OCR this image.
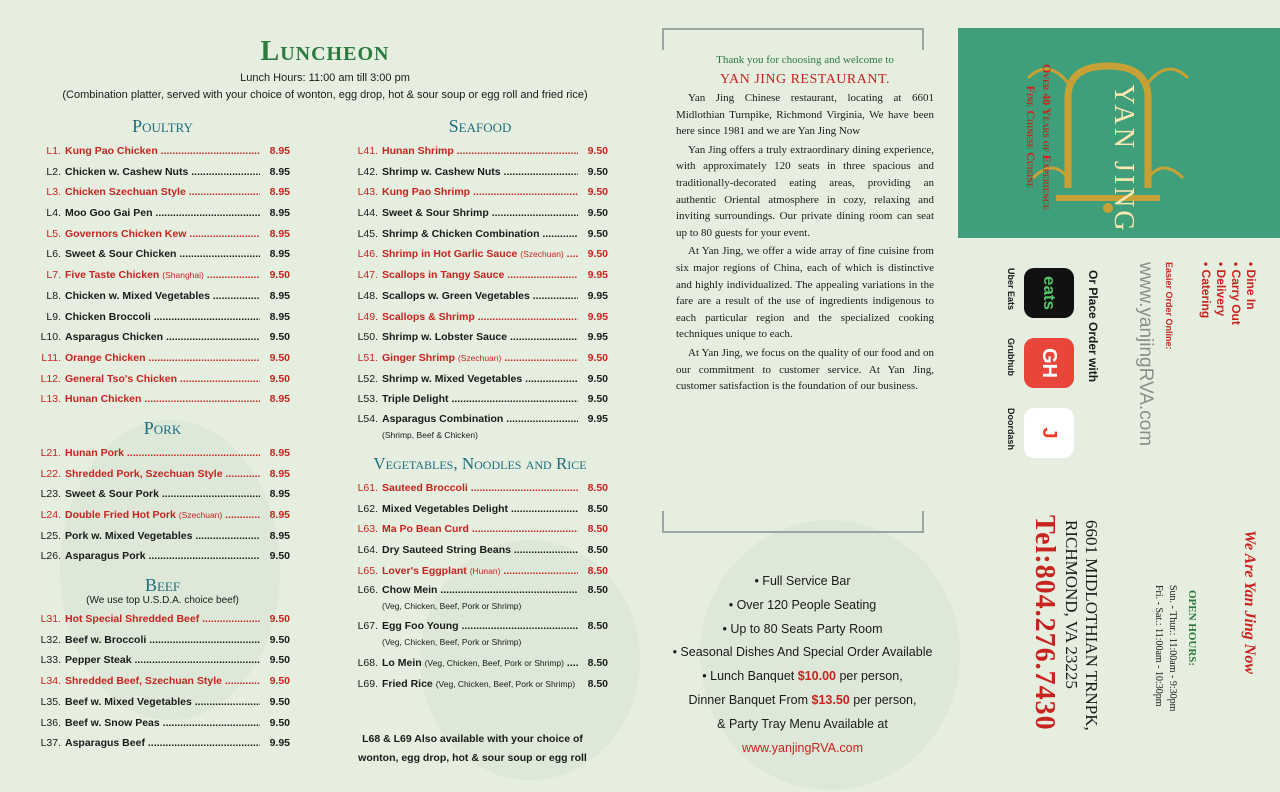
Luncheon
Lunch Hours: 11:00 am till 3:00 pm
(Combination platter, served with your choice of wonton, egg drop, hot & sour soup or egg roll and fried rice)
Poultry
L1. Kung Pao Chicken .....	8.95
L2. Chicken w. Cashew Nuts .....	8.95
L3. Chicken Szechuan Style .....	8.95
L4. Moo Goo Gai Pen .....	8.95
L5. Governors Chicken Kew .....	8.95
L6. Sweet & Sour Chicken .....	8.95
L7. Five Taste Chicken (Shanghai) .....	9.50
L8. Chicken w. Mixed Vegetables .....	8.95
L9. Chicken Broccoli .....	8.95
L10. Asparagus Chicken .....	9.50
L11. Orange Chicken .....	9.50
L12. General Tso's Chicken .....	9.50
L13. Hunan Chicken .....	8.95
Pork
L21. Hunan Pork .....	8.95
L22. Shredded Pork, Szechuan Style .....	8.95
L23. Sweet & Sour Pork .....	8.95
L24. Double Fried Hot Pork (Szechuan) .....	8.95
L25. Pork w. Mixed Vegetables .....	8.95
L26. Asparagus Pork .....	9.50
Beef
(We use top U.S.D.A. choice beef)
L31. Hot Special Shredded Beef .....	9.50
L32. Beef w. Broccoli .....	9.50
L33. Pepper Steak .....	9.50
L34. Shredded Beef, Szechuan Style .....	9.50
L35. Beef w. Mixed Vegetables .....	9.50
L36. Beef w. Snow Peas .....	9.50
L37. Asparagus Beef .....	9.95
Seafood
L41. Hunan Shrimp .....	9.50
L42. Shrimp w. Cashew Nuts .....	9.50
L43. Kung Pao Shrimp .....	9.50
L44. Sweet & Sour Shrimp .....	9.50
L45. Shrimp & Chicken Combination .....	9.50
L46. Shrimp in Hot Garlic Sauce (Szechuan) .....	9.50
L47. Scallops in Tangy Sauce .....	9.95
L48. Scallops w. Green Vegetables .....	9.95
L49. Scallops & Shrimp .....	9.95
L50. Shrimp w. Lobster Sauce .....	9.95
L51. Ginger Shrimp (Szechuan) .....	9.50
L52. Shrimp w. Mixed Vegetables .....	9.50
L53. Triple Delight .....	9.50
L54. Asparagus Combination .....	9.95
(Shrimp, Beef & Chicken)
Vegetables, Noodles and Rice
L61. Sauteed Broccoli .....	8.50
L62. Mixed Vegetables Delight .....	8.50
L63. Ma Po Bean Curd .....	8.50
L64. Dry Sauteed String Beans .....	8.50
L65. Lover's Eggplant (Hunan) .....	8.50
L66. Chow Mein .....	8.50
(Veg, Chicken, Beef, Pork or Shrimp)
L67. Egg Foo Young .....	8.50
(Veg, Chicken, Beef, Pork or Shrimp)
L68. Lo Mein (Veg, Chicken, Beef, Pork or Shrimp) .....	8.50
L69. Fried Rice (Veg, Chicken, Beef, Pork or Shrimp) .....	8.50
L68 & L69 Also available with your choice of
wonton, egg drop, hot & sour soup or egg roll
Thank you for choosing and welcome to
YAN JING RESTAURANT.
Yan Jing Chinese restaurant, locating at 6601 Midlothian Turnpike, Richmond Virginia, We have been here since 1981 and we are Yan Jing Now
Yan Jing offers a truly extraordinary dining experience, with approximately 120 seats in three spacious and traditionally-decorated eating areas, providing an authentic Oriental atmosphere in cozy, relaxing and inviting surroundings. Our private dining room can seat up to 80 guests for your event.
At Yan Jing, we offer a wide array of fine cuisine from six major regions of China, each of which is distinctive and highly individualized. The appealing variations in the fare are a result of the use of ingredients indigenous to each particular region and the specialized cooking techniques unique to each.
At Yan Jing, we focus on the quality of our food and on our commitment to customer service. At Yan Jing, customer satisfaction is the foundation of our business.
• Full Service Bar
• Over 120 People Seating
• Up to 80 Seats Party Room
• Seasonal Dishes And Special Order Available
• Lunch Banquet $10.00 per person,
Dinner Banquet From $13.50 per person,
& Party Tray Menu Available at
www.yanjingRVA.com
YAN JING
Over 40 Years of Experience
Fine Chinese Cuisine
• Dine In
• Carry Out
• Delivery
• Catering
Easier Order Online:
www.yanjingRVA.com
Or Place Order with
eats
Uber Eats
GH
Grubhub
J
Doordash
Tel:804.276.7430 6601 MIDLOTHIAN TRNPK,
RICHMOND, VA 23225	We Are Yan Jing Now
OPEN HOURS:
Sun. - Thur.: 11:00am - 9:30pm
Fri. - Sat.: 11:00am - 10:30pm
